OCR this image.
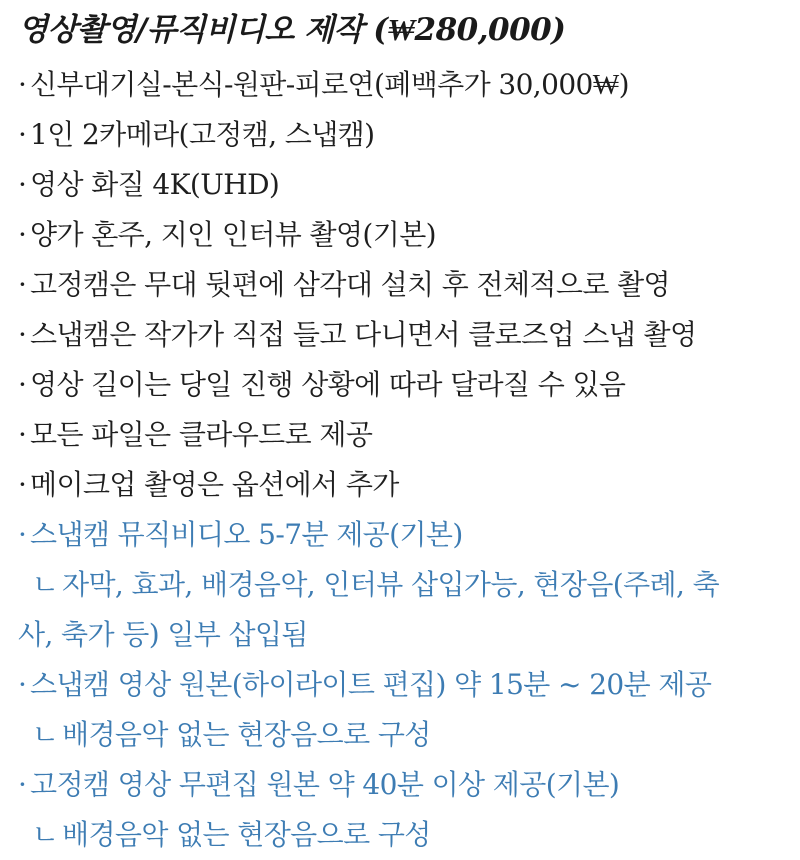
영상촬영/뮤직비디오 제작 (₩280,000)
· 신부대기실-본식-원판-피로연(폐백추가 30,000₩)
· 1인 2카메라(고정캠, 스냅캠)
· 영상 화질 4K(UHD)
· 양가 혼주, 지인 인터뷰 촬영(기본)
· 고정캠은 무대 뒷편에 삼각대 설치 후 전체적으로 촬영
· 스냅캠은 작가가 직접 들고 다니면서 클로즈업 스냅 촬영
· 영상 길이는 당일 진행 상황에 따라 달라질 수 있음
· 모든 파일은 클라우드로 제공
· 메이크업 촬영은 옵션에서 추가
· 스냅캠 뮤직비디오 5-7분 제공(기본)
ㄴ 자막, 효과, 배경음악, 인터뷰 삽입가능, 현장음(주례, 축
사, 축가 등) 일부 삽입됨
· 스냅캠 영상 원본(하이라이트 편집) 약 15분 ~ 20분 제공
ㄴ 배경음악 없는 현장음으로 구성
· 고정캠 영상 무편집 원본 약 40분 이상 제공(기본)
ㄴ 배경음악 없는 현장음으로 구성
